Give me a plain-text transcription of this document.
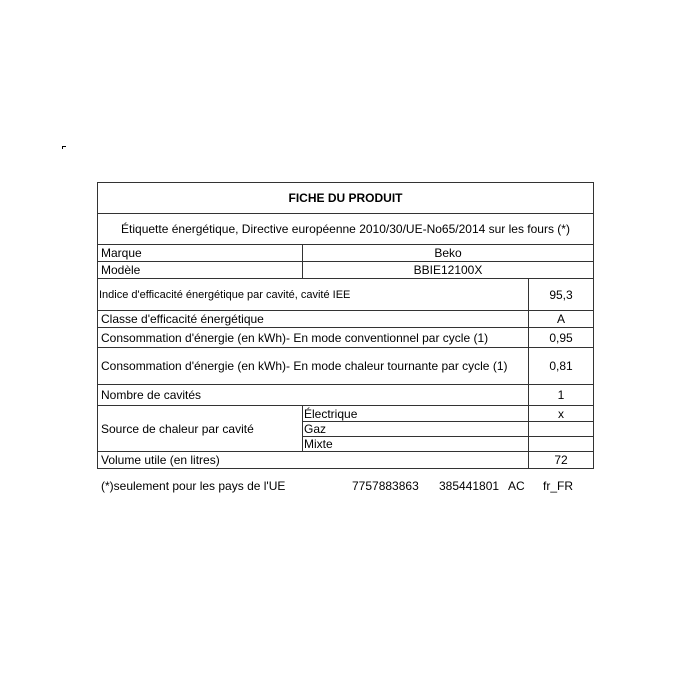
FICHE DU PRODUIT		
Étiquette énergétique, Directive européenne 2010/30/UE-No65/2014 sur les fours (*)		
Marque	Beko	
Modèle	BBIE12100X	
Indice d'efficacité énergétique par cavité, cavité IEE		95,3
Classe d'efficacité énergétique		A
Consommation d'énergie (en kWh)- En mode conventionnel par cycle (1)		0,95
Consommation d'énergie (en kWh)- En mode chaleur tournante par cycle (1)		0,81
Nombre de cavités		1
Source de chaleur par cavité	Électrique	x
	Gaz	
	Mixte	
Volume utile (en litres)		72
(*)seulement pour les pays de l'UE	7757883863 385441801 AC fr_FR
